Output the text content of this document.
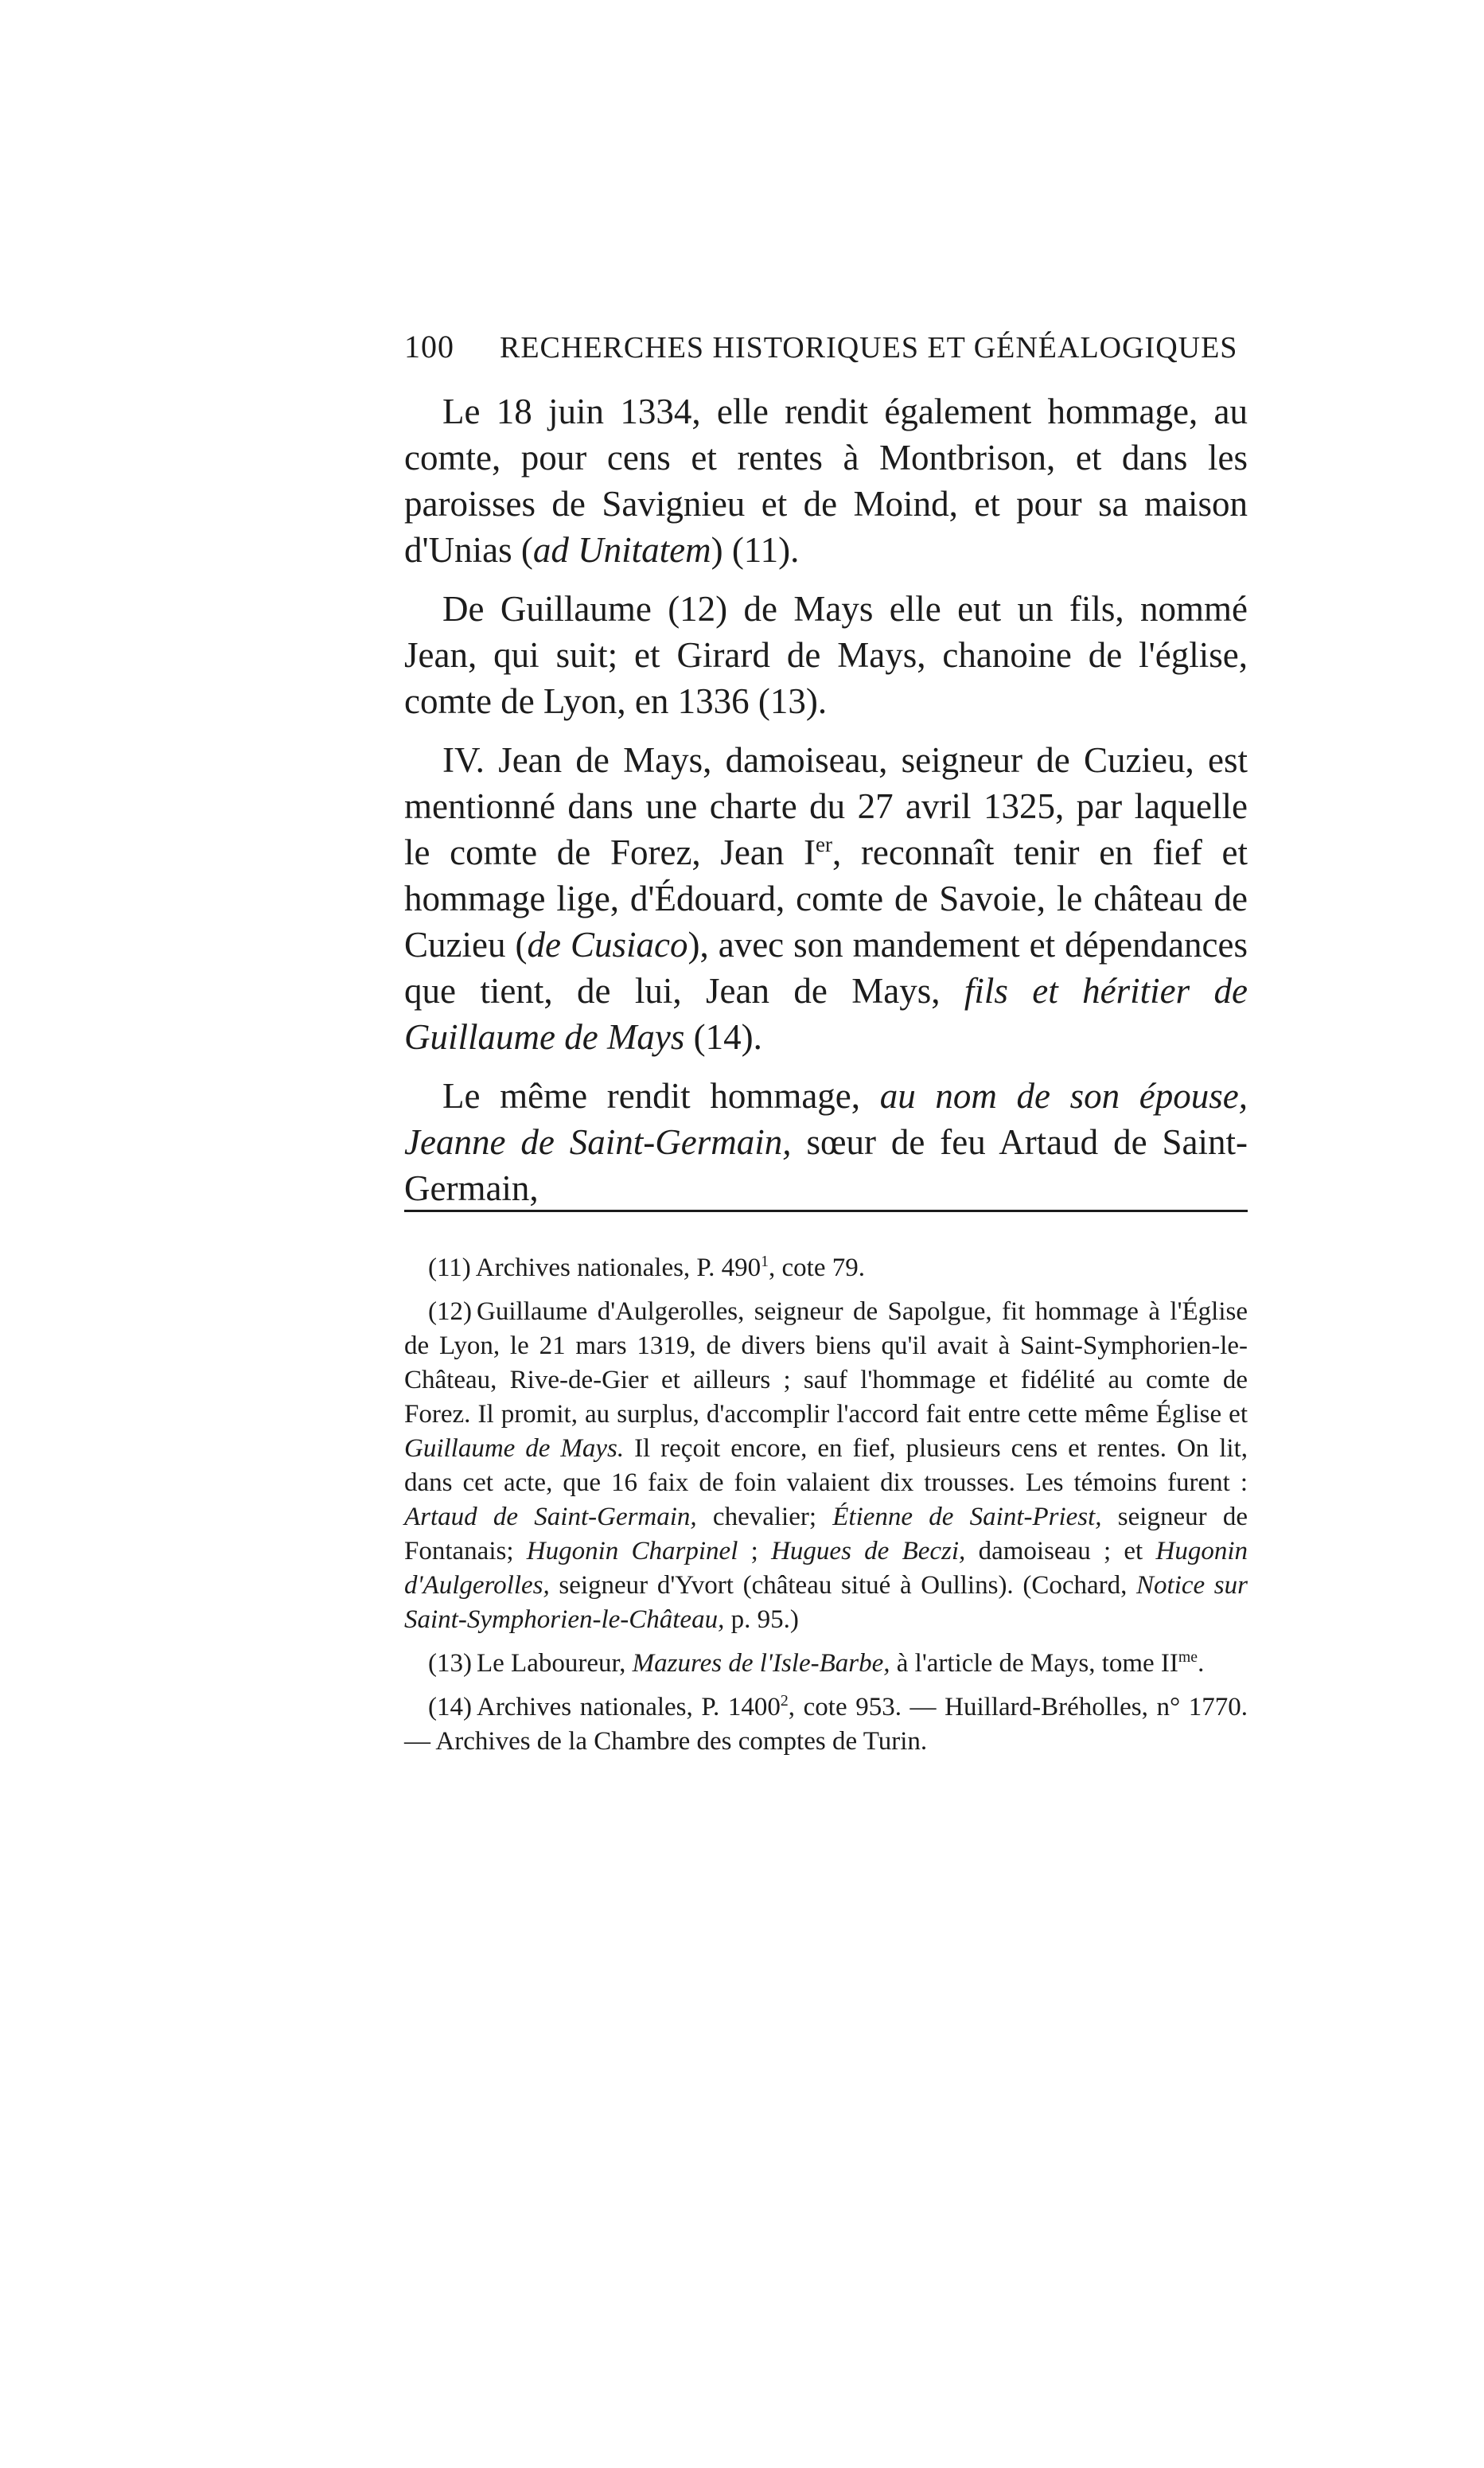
100 RECHERCHES HISTORIQUES ET GÉNÉALOGIQUES

Le 18 juin 1334, elle rendit également hommage, au comte, pour cens et rentes à Montbrison, et dans les paroisses de Savignieu et de Moind, et pour sa maison d'Unias (ad Unitatem) (11).

De Guillaume (12) de Mays elle eut un fils, nommé Jean, qui suit; et Girard de Mays, chanoine de l'église, comte de Lyon, en 1336 (13).

IV. Jean de Mays, damoiseau, seigneur de Cuzieu, est mentionné dans une charte du 27 avril 1325, par laquelle le comte de Forez, Jean Ier, reconnaît tenir en fief et hommage lige, d'Édouard, comte de Savoie, le château de Cuzieu (de Cusiaco), avec son mandement et dépendances que tient, de lui, Jean de Mays, fils et héritier de Guillaume de Mays (14).

Le même rendit hommage, au nom de son épouse, Jeanne de Saint-Germain, sœur de feu Artaud de Saint-Germain,

(11) Archives nationales, P. $490^1$, cote 79.

(12) Guillaume d'Aulgerolles, seigneur de Sapolgue, fit hommage à l'Église de Lyon, le 21 mars 1319, de divers biens qu'il avait à Saint-Symphorien-le-Château, Rive-de-Gier et ailleurs ; sauf l'hommage et fidélité au comte de Forez. Il promit, au surplus, d'accomplir l'accord fait entre cette même Église et Guillaume de Mays. Il reçoit encore, en fief, plusieurs cens et rentes. On lit, dans cet acte, que 16 faix de foin valaient dix trousses. Les témoins furent : Artaud de Saint-Germain, chevalier; Étienne de Saint-Priest, seigneur de Fontanais; Hugonin Charpinel ; Hugues de Beczi, damoiseau ; et Hugonin d'Aulgerolles, seigneur d'Yvort (château situé à Oullins). (Cochard, Notice sur Saint-Symphorien-le-Château, p. 95.)

(13) Le Laboureur, Mazures de l'Isle-Barbe, à l'article de Mays, tome $II^{me}$.

(14) Archives nationales, P. 1400$^2$, cote 953. — Huillard-Bréholles, n° 1770. — Archives de la Chambre des comptes de Turin.
